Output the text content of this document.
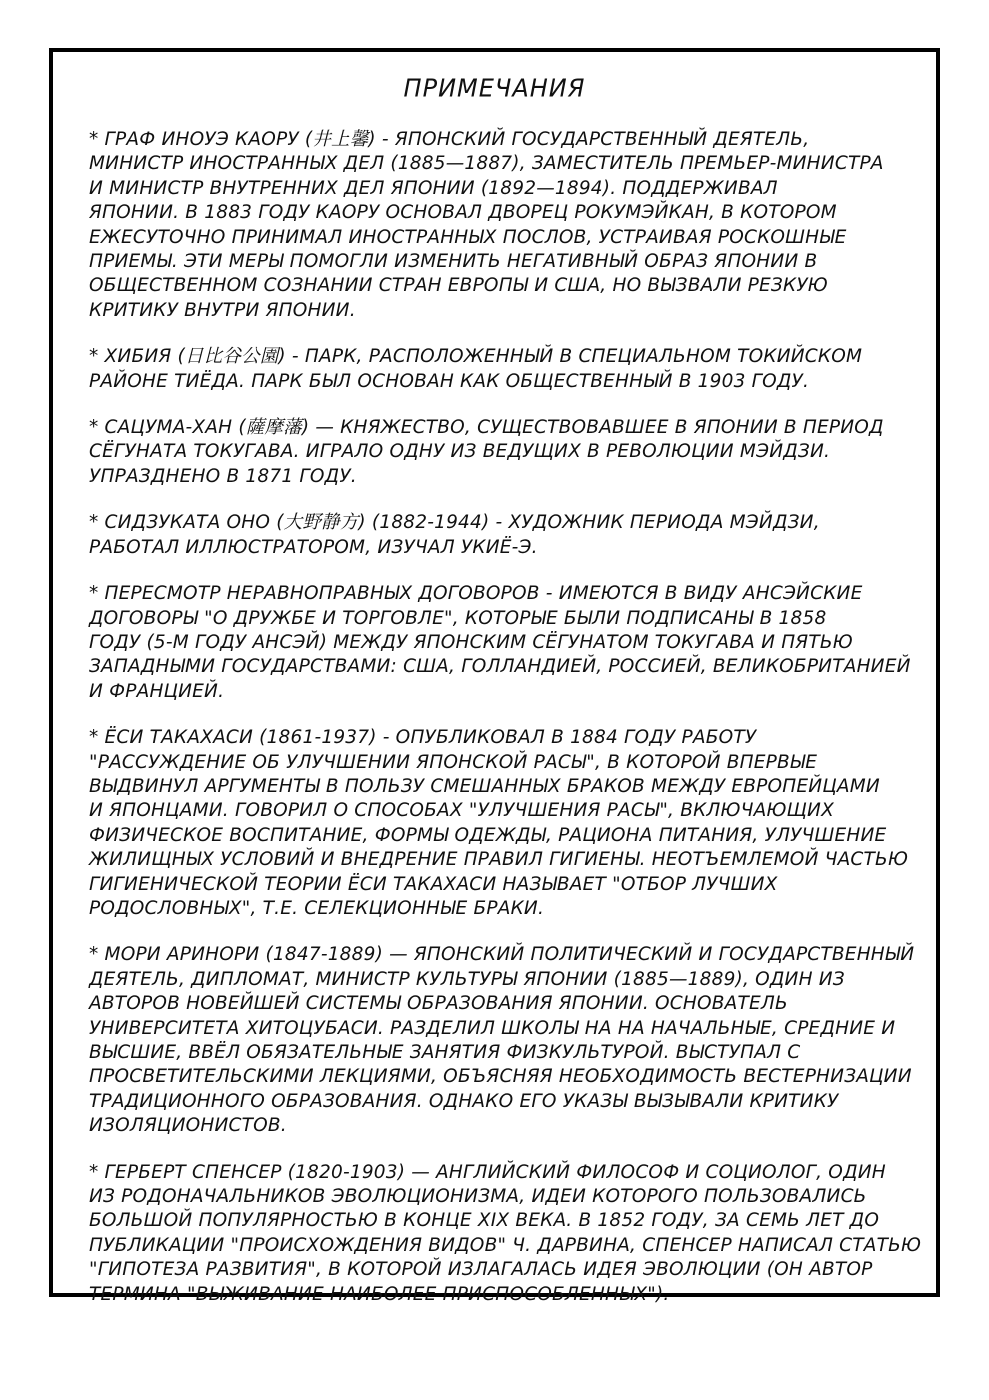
ПРИМЕЧАНИЯ
* ГРАФ ИНОУЭ КАОРУ (井上馨) - ЯПОНСКИЙ ГОСУДАРСТВЕННЫЙ ДЕЯТЕЛЬ,
МИНИСТР ИНОСТРАННЫХ ДЕЛ (1885—1887), ЗАМЕСТИТЕЛЬ ПРЕМЬЕР-МИНИСТРА
И МИНИСТР ВНУТРЕННИХ ДЕЛ ЯПОНИИ (1892—1894). ПОДДЕРЖИВАЛ
ЯПОНИИ. В 1883 ГОДУ КАОРУ ОСНОВАЛ ДВОРЕЦ РОКУМЭЙКАН, В КОТОРОМ
ЕЖЕСУТОЧНО ПРИНИМАЛ ИНОСТРАННЫХ ПОСЛОВ, УСТРАИВАЯ РОСКОШНЫЕ
ПРИЕМЫ. ЭТИ МЕРЫ ПОМОГЛИ ИЗМЕНИТЬ НЕГАТИВНЫЙ ОБРАЗ ЯПОНИИ В
ОБЩЕСТВЕННОМ СОЗНАНИИ СТРАН ЕВРОПЫ И США, НО ВЫЗВАЛИ РЕЗКУЮ
КРИТИКУ ВНУТРИ ЯПОНИИ.
* ХИБИЯ (日比谷公園) - ПАРК, РАСПОЛОЖЕННЫЙ В СПЕЦИАЛЬНОМ ТОКИЙСКОМ
РАЙОНЕ ТИЁДА. ПАРК БЫЛ ОСНОВАН КАК ОБЩЕСТВЕННЫЙ В 1903 ГОДУ.
* САЦУМА-ХАН (薩摩藩) — КНЯЖЕСТВО, СУЩЕСТВОВАВШЕЕ В ЯПОНИИ В ПЕРИОД
СЁГУНАТА ТОКУГАВА. ИГРАЛО ОДНУ ИЗ ВЕДУЩИХ В РЕВОЛЮЦИИ МЭЙДЗИ.
УПРАЗДНЕНО В 1871 ГОДУ.
* СИДЗУКАТА ОНО (大野静方) (1882-1944) - ХУДОЖНИК ПЕРИОДА МЭЙДЗИ,
РАБОТАЛ ИЛЛЮСТРАТОРОМ, ИЗУЧАЛ УКИЁ-Э.
* ПЕРЕСМОТР НЕРАВНОПРАВНЫХ ДОГОВОРОВ - ИМЕЮТСЯ В ВИДУ АНСЭЙСКИЕ
ДОГОВОРЫ "О ДРУЖБЕ И ТОРГОВЛЕ", КОТОРЫЕ БЫЛИ ПОДПИСАНЫ В 1858
ГОДУ (5-М ГОДУ АНСЭЙ) МЕЖДУ ЯПОНСКИМ СЁГУНАТОМ ТОКУГАВА И ПЯТЬЮ
ЗАПАДНЫМИ ГОСУДАРСТВАМИ: США, ГОЛЛАНДИЕЙ, РОССИЕЙ, ВЕЛИКОБРИТАНИЕЙ
И ФРАНЦИЕЙ.
* ЁСИ ТАКАХАСИ (1861-1937) - ОПУБЛИКОВАЛ В 1884 ГОДУ РАБОТУ
"РАССУЖДЕНИЕ ОБ УЛУЧШЕНИИ ЯПОНСКОЙ РАСЫ", В КОТОРОЙ ВПЕРВЫЕ
ВЫДВИНУЛ АРГУМЕНТЫ В ПОЛЬЗУ СМЕШАННЫХ БРАКОВ МЕЖДУ ЕВРОПЕЙЦАМИ
И ЯПОНЦАМИ. ГОВОРИЛ О СПОСОБАХ "УЛУЧШЕНИЯ РАСЫ", ВКЛЮЧАЮЩИХ
ФИЗИЧЕСКОЕ ВОСПИТАНИЕ, ФОРМЫ ОДЕЖДЫ, РАЦИОНА ПИТАНИЯ, УЛУЧШЕНИЕ
ЖИЛИЩНЫХ УСЛОВИЙ И ВНЕДРЕНИЕ ПРАВИЛ ГИГИЕНЫ. НЕОТЪЕМЛЕМОЙ ЧАСТЬЮ
ГИГИЕНИЧЕСКОЙ ТЕОРИИ ЁСИ ТАКАХАСИ НАЗЫВАЕТ "ОТБОР ЛУЧШИХ
РОДОСЛОВНЫХ", Т.Е. СЕЛЕКЦИОННЫЕ БРАКИ.
* МОРИ АРИНОРИ (1847-1889) — ЯПОНСКИЙ ПОЛИТИЧЕСКИЙ И ГОСУДАРСТВЕННЫЙ
ДЕЯТЕЛЬ, ДИПЛОМАТ, МИНИСТР КУЛЬТУРЫ ЯПОНИИ (1885—1889), ОДИН ИЗ
АВТОРОВ НОВЕЙШЕЙ СИСТЕМЫ ОБРАЗОВАНИЯ ЯПОНИИ. ОСНОВАТЕЛЬ
УНИВЕРСИТЕТА ХИТОЦУБАСИ. РАЗДЕЛИЛ ШКОЛЫ НА НА НАЧАЛЬНЫЕ, СРЕДНИЕ И
ВЫСШИЕ, ВВЁЛ ОБЯЗАТЕЛЬНЫЕ ЗАНЯТИЯ ФИЗКУЛЬТУРОЙ. ВЫСТУПАЛ С
ПРОСВЕТИТЕЛЬСКИМИ ЛЕКЦИЯМИ, ОБЪЯСНЯЯ НЕОБХОДИМОСТЬ ВЕСТЕРНИЗАЦИИ
ТРАДИЦИОННОГО ОБРАЗОВАНИЯ. ОДНАКО ЕГО УКАЗЫ ВЫЗЫВАЛИ КРИТИКУ
ИЗОЛЯЦИОНИСТОВ.
* ГЕРБЕРТ СПЕНСЕР (1820-1903) — АНГЛИЙСКИЙ ФИЛОСОФ И СОЦИОЛОГ, ОДИН
ИЗ РОДОНАЧАЛЬНИКОВ ЭВОЛЮЦИОНИЗМА, ИДЕИ КОТОРОГО ПОЛЬЗОВАЛИСЬ
БОЛЬШОЙ ПОПУЛЯРНОСТЬЮ В КОНЦЕ XIX ВЕКА. В 1852 ГОДУ, ЗА СЕМЬ ЛЕТ ДО
ПУБЛИКАЦИИ "ПРОИСХОЖДЕНИЯ ВИДОВ" Ч. ДАРВИНА, СПЕНСЕР НАПИСАЛ СТАТЬЮ
"ГИПОТЕЗА РАЗВИТИЯ", В КОТОРОЙ ИЗЛАГАЛАСЬ ИДЕЯ ЭВОЛЮЦИИ (ОН АВТОР
ТЕРМИНА "ВЫЖИВАНИЕ НАИБОЛЕЕ ПРИСПОСОБЛЕННЫХ").
